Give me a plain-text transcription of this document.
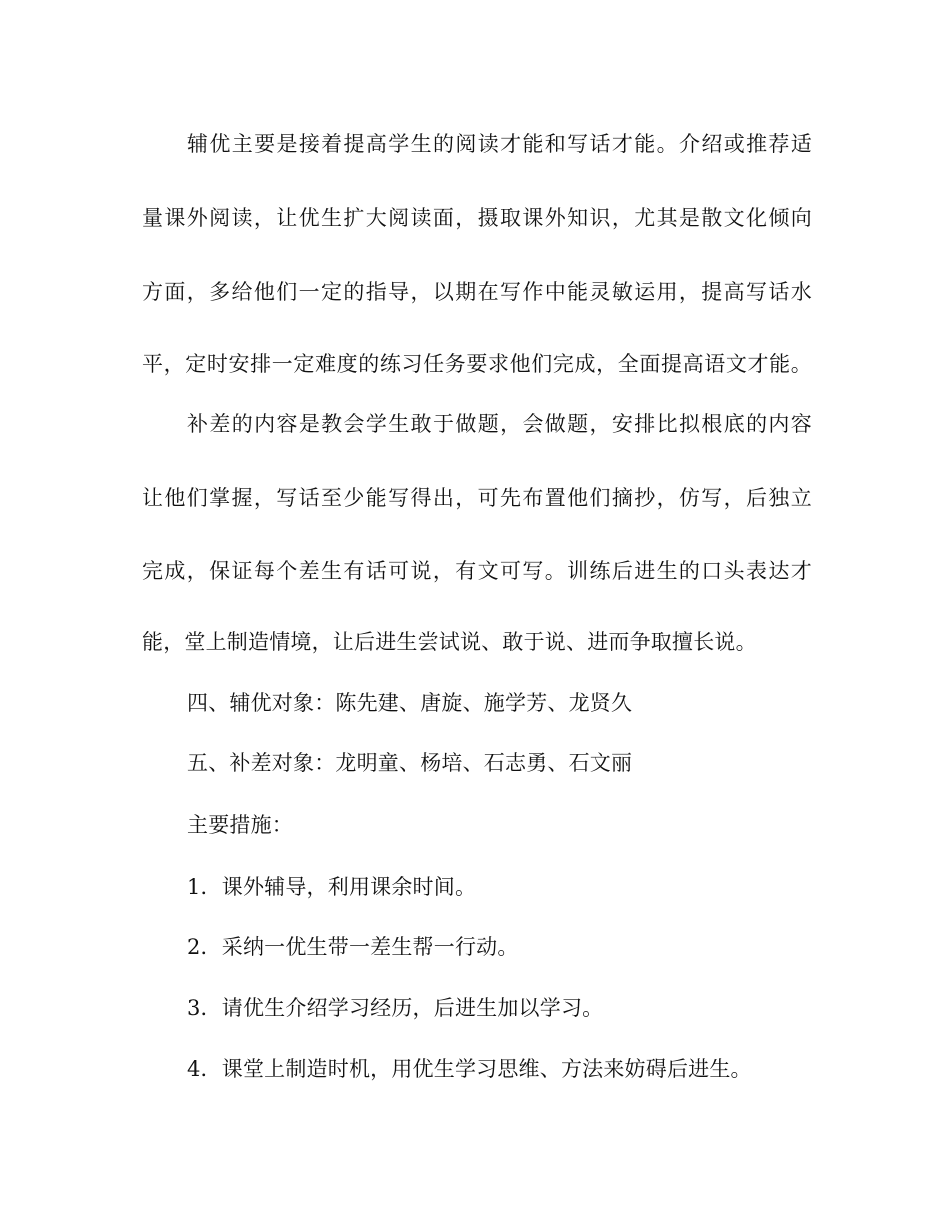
辅优主要是接着提高学生的阅读才能和写话才能。介绍或推荐适
量课外阅读，让优生扩大阅读面，摄取课外知识，尤其是散文化倾向
方面，多给他们一定的指导，以期在写作中能灵敏运用，提高写话水
平，定时安排一定难度的练习任务要求他们完成，全面提高语文才能。
补差的内容是教会学生敢于做题，会做题，安排比拟根底的内容
让他们掌握，写话至少能写得出，可先布置他们摘抄，仿写，后独立
完成，保证每个差生有话可说，有文可写。训练后进生的口头表达才
能，堂上制造情境，让后进生尝试说、敢于说、进而争取擅长说。
四、辅优对象：陈先建、唐旋、施学芳、龙贤久
五、补差对象：龙明童、杨培、石志勇、石文丽
主要措施：
1．课外辅导，利用课余时间。
2．采纳一优生带一差生帮一行动。
3．请优生介绍学习经历，后进生加以学习。
4．课堂上制造时机，用优生学习思维、方法来妨碍后进生。
